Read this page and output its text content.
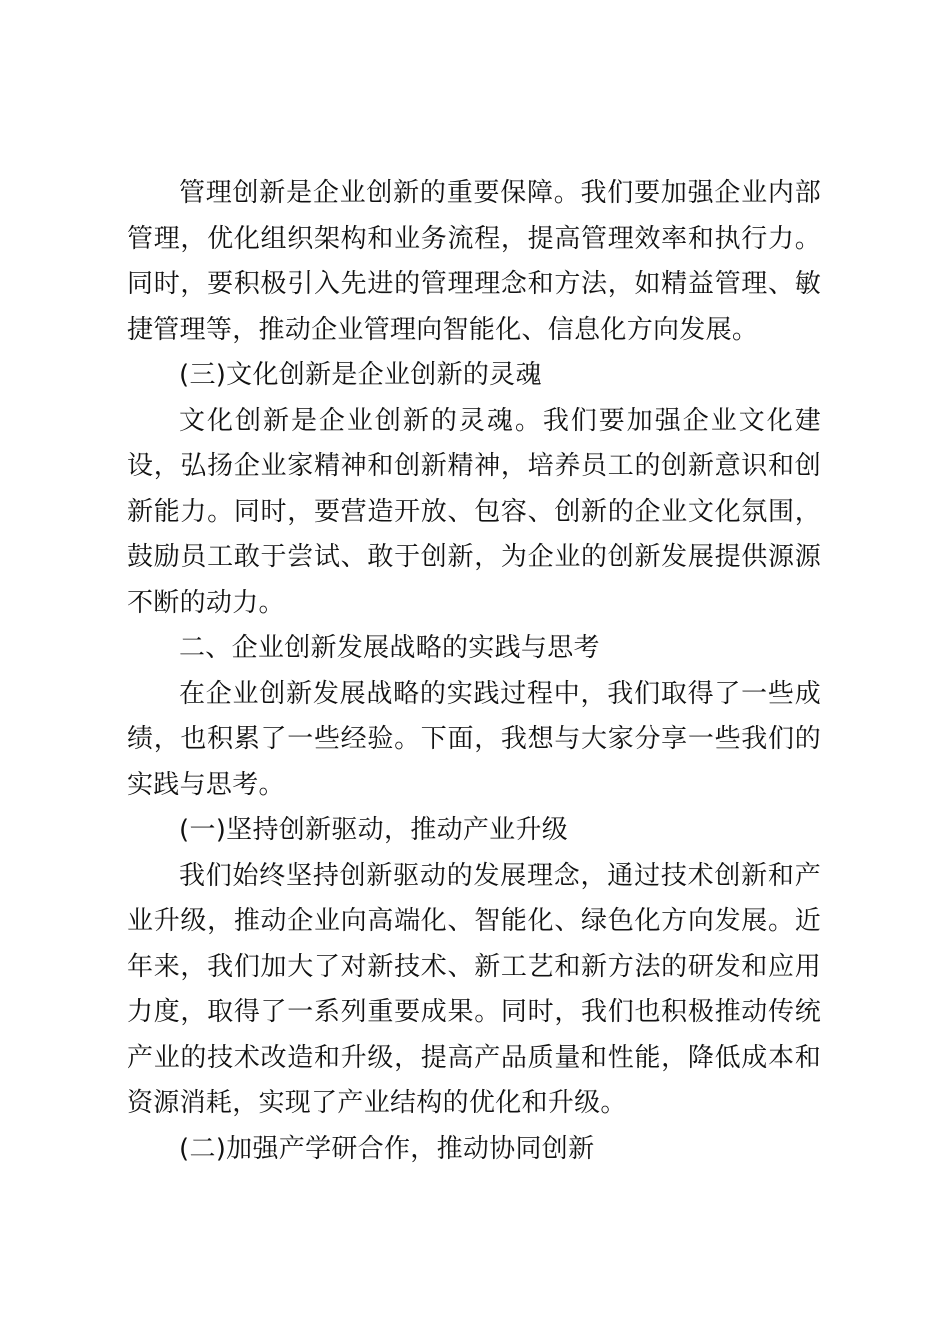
管理创新是企业创新的重要保障。我们要加强企业内部管理，优化组织架构和业务流程，提高管理效率和执行力。同时，要积极引入先进的管理理念和方法，如精益管理、敏捷管理等，推动企业管理向智能化、信息化方向发展。

(三)文化创新是企业创新的灵魂

文化创新是企业创新的灵魂。我们要加强企业文化建设，弘扬企业家精神和创新精神，培养员工的创新意识和创新能力。同时，要营造开放、包容、创新的企业文化氛围，鼓励员工敢于尝试、敢于创新，为企业的创新发展提供源源不断的动力。

二、企业创新发展战略的实践与思考

在企业创新发展战略的实践过程中，我们取得了一些成绩，也积累了一些经验。下面，我想与大家分享一些我们的实践与思考。

(一)坚持创新驱动，推动产业升级

我们始终坚持创新驱动的发展理念，通过技术创新和产业升级，推动企业向高端化、智能化、绿色化方向发展。近年来，我们加大了对新技术、新工艺和新方法的研发和应用力度，取得了一系列重要成果。同时，我们也积极推动传统产业的技术改造和升级，提高产品质量和性能，降低成本和资源消耗，实现了产业结构的优化和升级。

(二)加强产学研合作，推动协同创新
